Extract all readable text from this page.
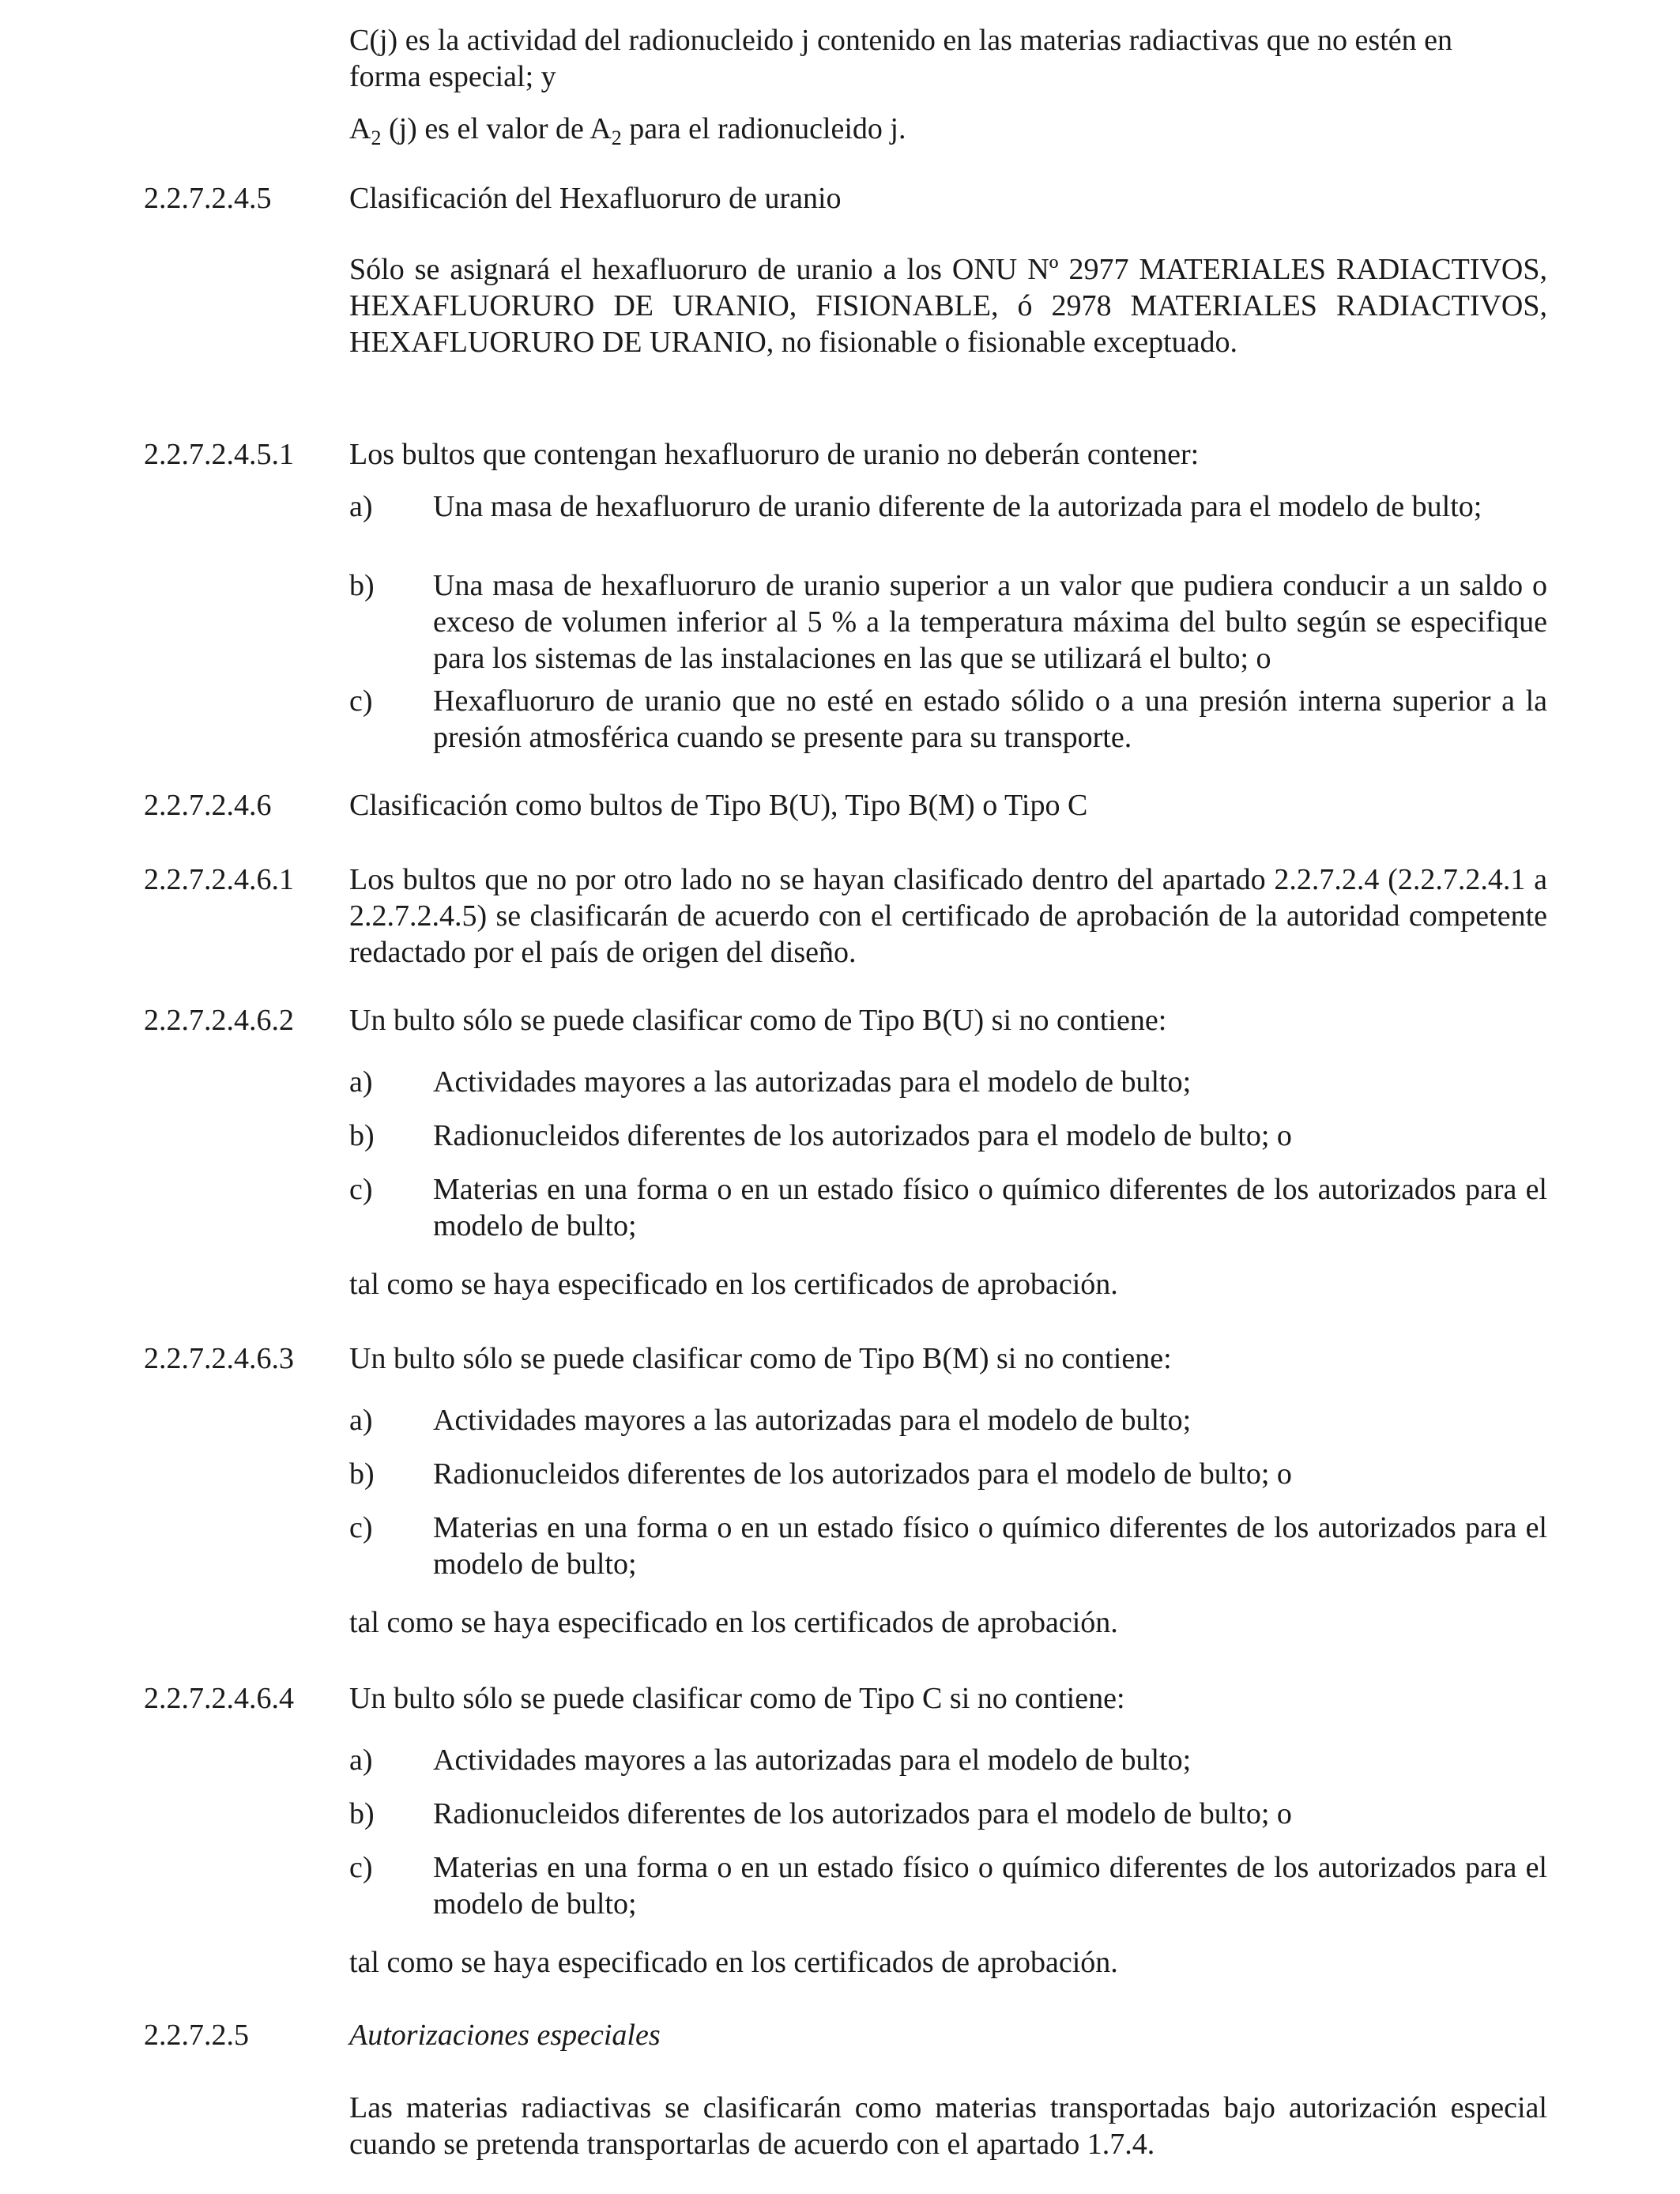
C(j) es la actividad del radionucleido j contenido en las materias radiactivas que no estén en
forma especial; y
$A_2$ (j) es el valor de $A_2$ para el radionucleido j.
2.2.7.2.4.5	Clasificación del Hexafluoruro de uranio
Sólo se asignará el hexafluoruro de uranio a los ONU Nº 2977 MATERIALES RADIACTIVOS, HEXAFLUORURO DE URANIO, FISIONABLE, ó 2978 MATERIALES RADIACTIVOS, HEXAFLUORURO DE URANIO, no fisionable o fisionable exceptuado.
2.2.7.2.4.5.1 Los bultos que contengan hexafluoruro de uranio no deberán contener:
a) Una masa de hexafluoruro de uranio diferente de la autorizada para el modelo de bulto;
b) Una masa de hexafluoruro de uranio superior a un valor que pudiera conducir a un saldo o exceso de volumen inferior al 5 % a la temperatura máxima del bulto según se especifique para los sistemas de las instalaciones en las que se utilizará el bulto; o
c) Hexafluoruro de uranio que no esté en estado sólido o a una presión interna superior a la presión atmosférica cuando se presente para su transporte.
2.2.7.2.4.6	Clasificación como bultos de Tipo B(U), Tipo B(M) o Tipo C
2.2.7.2.4.6.1 Los bultos que no por otro lado no se hayan clasificado dentro del apartado 2.2.7.2.4 (2.2.7.2.4.1 a 2.2.7.2.4.5) se clasificarán de acuerdo con el certificado de aprobación de la autoridad competente redactado por el país de origen del diseño.
2.2.7.2.4.6.2 Un bulto sólo se puede clasificar como de Tipo B(U) si no contiene:
a) Actividades mayores a las autorizadas para el modelo de bulto;
b) Radionucleidos diferentes de los autorizados para el modelo de bulto; o
c) Materias en una forma o en un estado físico o químico diferentes de los autorizados para el modelo de bulto;
tal como se haya especificado en los certificados de aprobación.
2.2.7.2.4.6.3 Un bulto sólo se puede clasificar como de Tipo B(M) si no contiene:
a) Actividades mayores a las autorizadas para el modelo de bulto;
b) Radionucleidos diferentes de los autorizados para el modelo de bulto; o
c) Materias en una forma o en un estado físico o químico diferentes de los autorizados para el modelo de bulto;
tal como se haya especificado en los certificados de aprobación.
2.2.7.2.4.6.4 Un bulto sólo se puede clasificar como de Tipo C si no contiene:
a) Actividades mayores a las autorizadas para el modelo de bulto;
b) Radionucleidos diferentes de los autorizados para el modelo de bulto; o
c) Materias en una forma o en un estado físico o químico diferentes de los autorizados para el modelo de bulto;
tal como se haya especificado en los certificados de aprobación.
2.2.7.2.5	Autorizaciones especiales
Las materias radiactivas se clasificarán como materias transportadas bajo autorización especial cuando se pretenda transportarlas de acuerdo con el apartado 1.7.4.
